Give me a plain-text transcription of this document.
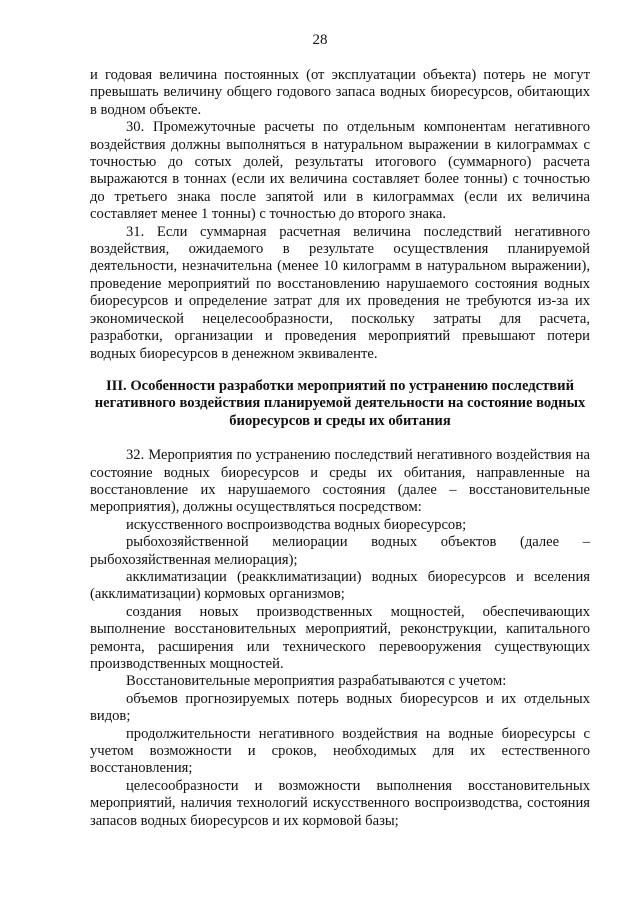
28

и годовая величина постоянных (от эксплуатации объекта) потерь не могут превышать величину общего годового запаса водных биоресурсов, обитающих в водном объекте.

30. Промежуточные расчеты по отдельным компонентам негативного воздействия должны выполняться в натуральном выражении в килограммах с точностью до сотых долей, результаты итогового (суммарного) расчета выражаются в тоннах (если их величина составляет более тонны) с точностью до третьего знака после запятой или в килограммах (если их величина составляет менее 1 тонны) с точностью до второго знака.

31. Если суммарная расчетная величина последствий негативного воздействия, ожидаемого в результате осуществления планируемой деятельности, незначительна (менее 10 килограмм в натуральном выражении), проведение мероприятий по восстановлению нарушаемого состояния водных биоресурсов и определение затрат для их проведения не требуются из-за их экономической нецелесообразности, поскольку затраты для расчета, разработки, организации и проведения мероприятий превышают потери водных биоресурсов в денежном эквиваленте.

III. Особенности разработки мероприятий по устранению последствий негативного воздействия планируемой деятельности на состояние водных биоресурсов и среды их обитания

32. Мероприятия по устранению последствий негативного воздействия на состояние водных биоресурсов и среды их обитания, направленные на восстановление их нарушаемого состояния (далее – восстановительные мероприятия), должны осуществляться посредством:

искусственного воспроизводства водных биоресурсов;

рыбохозяйственной мелиорации водных объектов (далее – рыбохозяйственная мелиорация);

акклиматизации (реакклиматизации) водных биоресурсов и вселения (акклиматизации) кормовых организмов;

создания новых производственных мощностей, обеспечивающих выполнение восстановительных мероприятий, реконструкции, капитального ремонта, расширения или технического перевооружения существующих производственных мощностей.

Восстановительные мероприятия разрабатываются с учетом:

объемов прогнозируемых потерь водных биоресурсов и их отдельных видов;

продолжительности негативного воздействия на водные биоресурсы с учетом возможности и сроков, необходимых для их естественного восстановления;

целесообразности и возможности выполнения восстановительных мероприятий, наличия технологий искусственного воспроизводства, состояния запасов водных биоресурсов и их кормовой базы;
